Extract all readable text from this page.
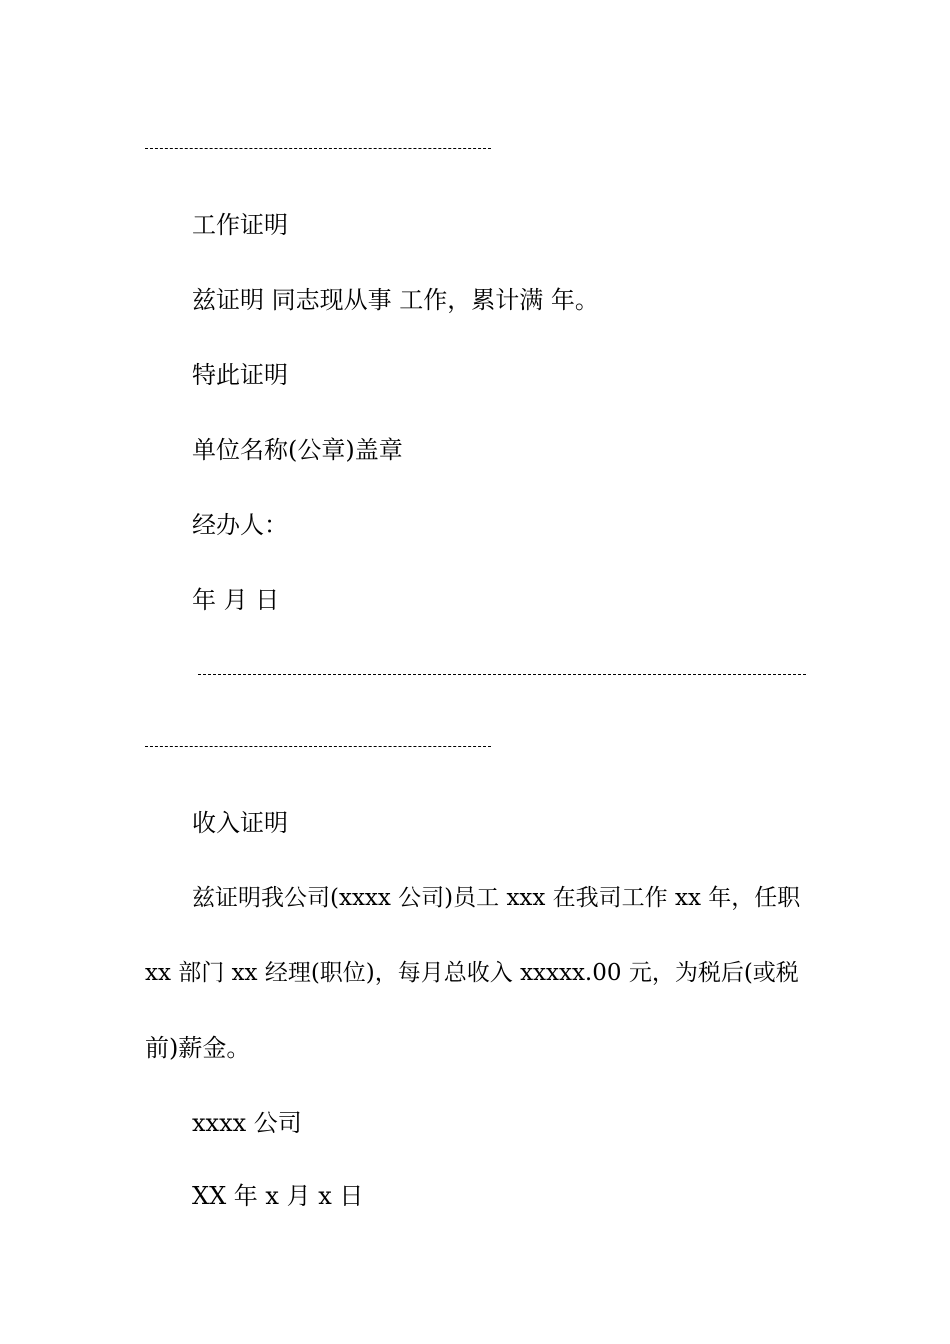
工作证明

兹证明 同志现从事 工作，累计满 年。

特此证明

单位名称(公章)盖章

经办人：

年 月 日

收入证明

兹证明我公司(xxxx 公司)员工 xxx 在我司工作 xx 年，任职

xx 部门 xx 经理(职位)，每月总收入 xxxxx.00 元，为税后(或税

前)薪金。

xxxx 公司

XX 年 x 月 x 日
